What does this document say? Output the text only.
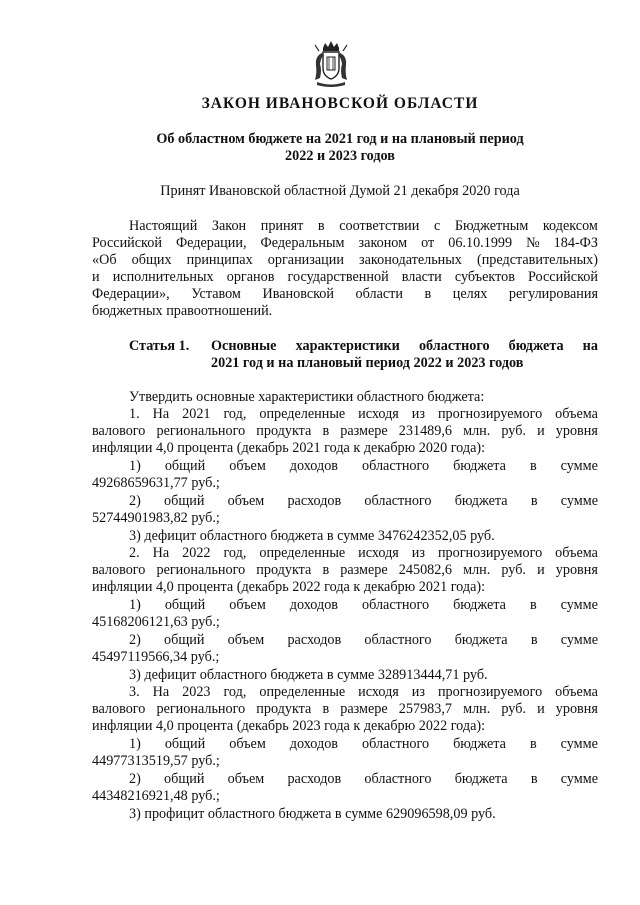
ЗАКОН ИВАНОВСКОЙ ОБЛАСТИ
Об областном бюджете на 2021 год и на плановый период
2022 и 2023 годов
Принят Ивановской областной Думой 21 декабря 2020 года
Настоящий Закон принят в соответствии с Бюджетным кодексом
Российской Федерации, Федеральным законом от 06.10.1999 № 184-ФЗ
«Об общих принципах организации законодательных (представительных)
и исполнительных органов государственной власти субъектов Российской
Федерации», Уставом Ивановской области в целях регулирования
бюджетных правоотношений.
Статья 1. Основные характеристики областного бюджета на
2021 год и на плановый период 2022 и 2023 годов
Утвердить основные характеристики областного бюджета:
1. На 2021 год, определенные исходя из прогнозируемого объема
валового регионального продукта в размере 231489,6 млн. руб. и уровня
инфляции 4,0 процента (декабрь 2021 года к декабрю 2020 года):
1) общий объем доходов областного бюджета в сумме
49268659631,77 руб.;
2) общий объем расходов областного бюджета в сумме
52744901983,82 руб.;
3) дефицит областного бюджета в сумме 3476242352,05 руб.
2. На 2022 год, определенные исходя из прогнозируемого объема
валового регионального продукта в размере 245082,6 млн. руб. и уровня
инфляции 4,0 процента (декабрь 2022 года к декабрю 2021 года):
1) общий объем доходов областного бюджета в сумме
45168206121,63 руб.;
2) общий объем расходов областного бюджета в сумме
45497119566,34 руб.;
3) дефицит областного бюджета в сумме 328913444,71 руб.
3. На 2023 год, определенные исходя из прогнозируемого объема
валового регионального продукта в размере 257983,7 млн. руб. и уровня
инфляции 4,0 процента (декабрь 2023 года к декабрю 2022 года):
1) общий объем доходов областного бюджета в сумме
44977313519,57 руб.;
2) общий объем расходов областного бюджета в сумме
44348216921,48 руб.;
3) профицит областного бюджета в сумме 629096598,09 руб.
